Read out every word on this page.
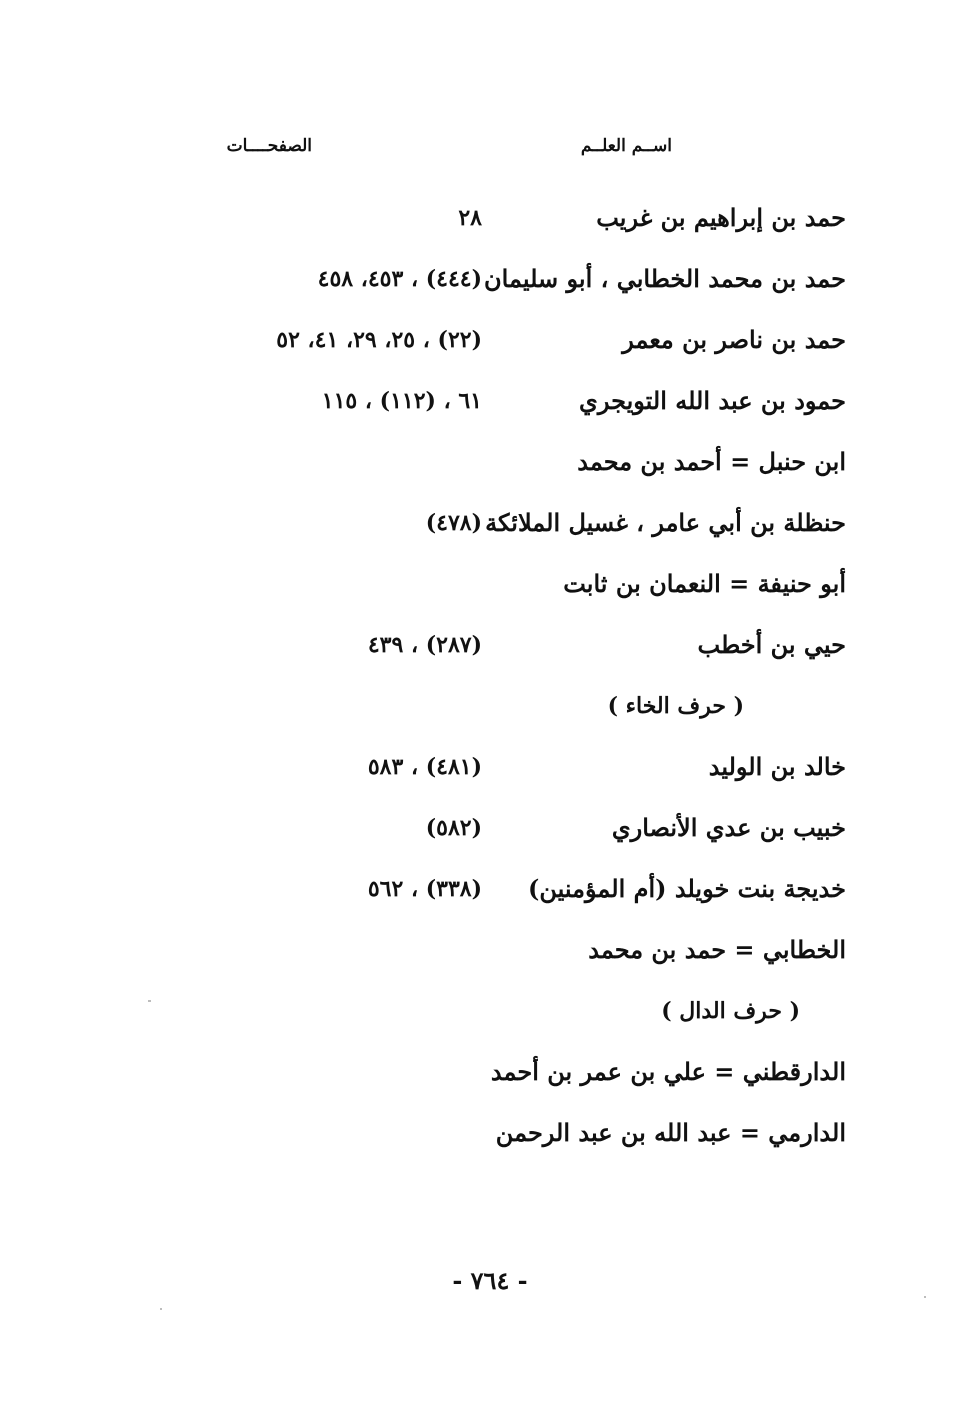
اســم العلــم
الصفحــــات
حمد بن إبراهيم بن غريب
٢٨
حمد بن محمد الخطابي ، أبو سليمان
(٤٤٤) ، ٤٥٣، ٤٥٨
حمد بن ناصر بن معمر
(٢٢) ، ٢٥، ٢٩، ٤١، ٥٢
حمود بن عبد الله التويجري
٦١ ، (١١٢) ، ١١٥
ابن حنبل = أحمد بن محمد
حنظلة بن أبي عامر ، غسيل الملائكة
(٤٧٨)
أبو حنيفة = النعمان بن ثابت
حيي بن أخطب
(٢٨٧) ، ٤٣٩
( حرف الخاء )
خالد بن الوليد
(٤٨١) ، ٥٨٣
خبيب بن عدي الأنصاري
(٥٨٢)
خديجة بنت خويلد (أم المؤمنين)
(٣٣٨) ، ٥٦٢
الخطابي = حمد بن محمد
( حرف الدال )
الدارقطني = علي بن عمر بن أحمد
الدارمي = عبد الله بن عبد الرحمن
- ٧٦٤ -
